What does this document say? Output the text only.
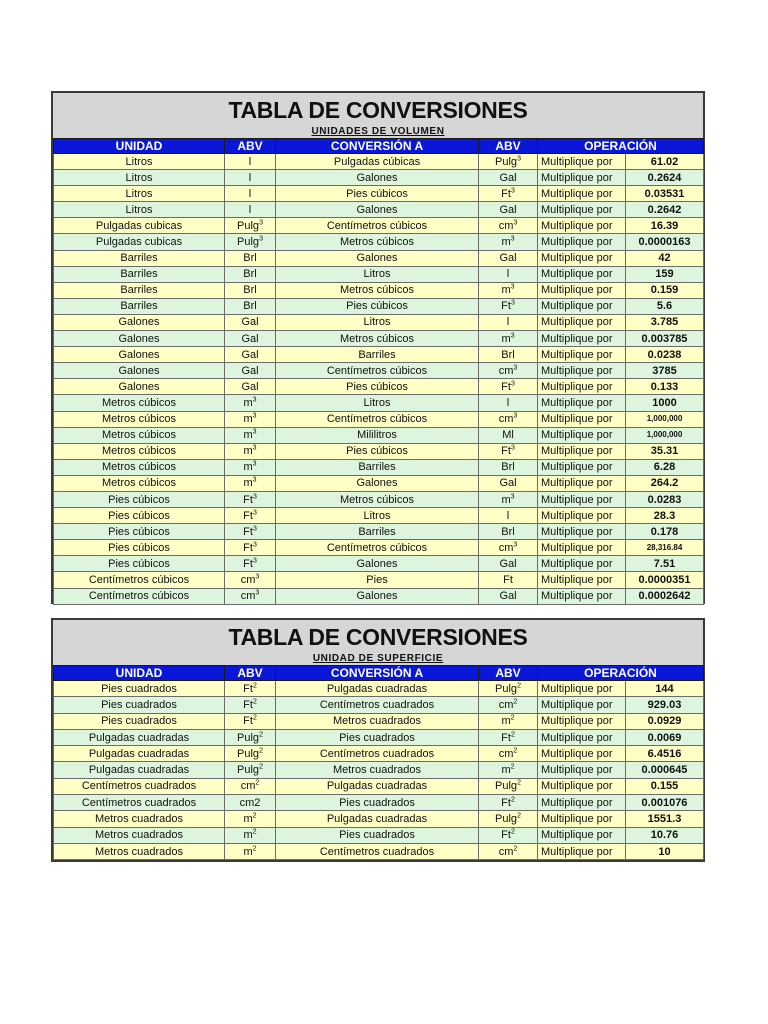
TABLA DE CONVERSIONES
UNIDADES DE VOLUMEN
UNIDAD	ABV	CONVERSIÓN A	ABV	OPERACIÓN	
Litros	l	Pulgadas cúbicas	Pulg$^3$	Multiplique por	61.02
Litros	l	Galones	Gal	Multiplique por	0.2624
Litros	l	Pies cúbicos	Ft$^3$	Multiplique por	0.03531
Litros	l	Galones	Gal	Multiplique por	0.2642
Pulgadas cubicas	Pulg$^3$	Centímetros cúbicos	$cm^3$	Multiplique por	16.39
Pulgadas cubicas	Pulg$^3$	Metros cúbicos	$m^3$	Multiplique por	0.0000163
Barriles	Brl	Galones	Gal	Multiplique por	42
Barriles	Brl	Litros	l	Multiplique por	159
Barriles	Brl	Metros cúbicos	$m^3$	Multiplique por	0.159
Barriles	Brl	Pies cúbicos	Ft$^3$	Multiplique por	5.6
Galones	Gal	Litros	l	Multiplique por	3.785
Galones	Gal	Metros cúbicos	$m^3$	Multiplique por	0.003785
Galones	Gal	Barriles	Brl	Multiplique por	0.0238
Galones	Gal	Centímetros cúbicos	$cm^3$	Multiplique por	3785
Galones	Gal	Pies cúbicos	Ft$^3$	Multiplique por	0.133
Metros cúbicos	$m^3$	Litros	l	Multiplique por	1000
Metros cúbicos	$m^3$	Centímetros cúbicos	$cm^3$	Multiplique por	1,000,000
Metros cúbicos	$m^3$	Mililitros	Ml	Multiplique por	1,000,000
Metros cúbicos	$m^3$	Pies cúbicos	Ft$^3$	Multiplique por	35.31
Metros cúbicos	$m^3$	Barriles	Brl	Multiplique por	6.28
Metros cúbicos	$m^3$	Galones	Gal	Multiplique por	264.2
Pies cúbicos	Ft$^3$	Metros cúbicos	$m^3$	Multiplique por	0.0283
Pies cúbicos	Ft$^3$	Litros	l	Multiplique por	28.3
Pies cúbicos	Ft$^3$	Barriles	Brl	Multiplique por	0.178
Pies cúbicos	Ft$^3$	Centímetros cúbicos	$cm^3$	Multiplique por	28,316.84
Pies cúbicos	Ft$^3$	Galones	Gal	Multiplique por	7.51
Centímetros cúbicos	$cm^3$	Pies	Ft	Multiplique por	0.0000351
Centímetros cúbicos	$cm^3$	Galones	Gal	Multiplique por	0.0002642
TABLA DE CONVERSIONES
UNIDAD DE SUPERFICIE
UNIDAD	ABV	CONVERSIÓN A	ABV	OPERACIÓN	
Pies cuadrados	Ft$^2$	Pulgadas cuadradas	Pulg$^2$	Multiplique por	144
Pies cuadrados	Ft$^2$	Centímetros cuadrados	$cm^2$	Multiplique por	929.03
Pies cuadrados	Ft$^2$	Metros cuadrados	$m^2$	Multiplique por	0.0929
Pulgadas cuadradas	Pulg$^2$	Pies cuadrados	Ft$^2$	Multiplique por	0.0069
Pulgadas cuadradas	Pulg$^2$	Centímetros cuadrados	$cm^2$	Multiplique por	6.4516
Pulgadas cuadradas	Pulg$^2$	Metros cuadrados	$m^2$	Multiplique por	0.000645
Centímetros cuadrados	$cm^2$	Pulgadas cuadradas	Pulg$^2$	Multiplique por	0.155
Centímetros cuadrados	cm2	Pies cuadrados	Ft$^2$	Multiplique por	0.001076
Metros cuadrados	$m^2$	Pulgadas cuadradas	Pulg$^2$	Multiplique por	1551.3
Metros cuadrados	$m^2$	Pies cuadrados	Ft$^2$	Multiplique por	10.76
Metros cuadrados	$m^2$	Centímetros cuadrados	$cm^2$	Multiplique por	10
